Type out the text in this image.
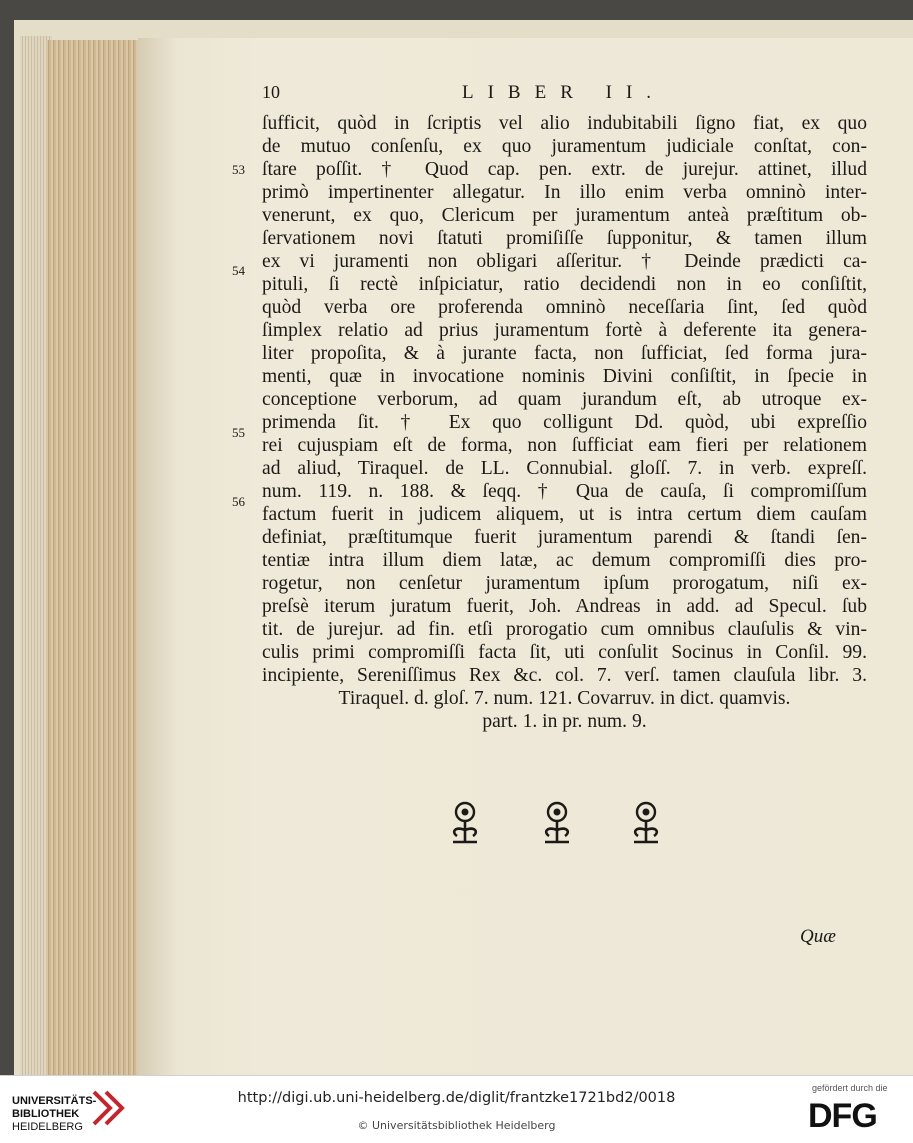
10	LIBER II.
ſufficit, quòd in ſcriptis vel alio indubitabili ſigno fiat, ex quo
de mutuo conſenſu, ex quo juramentum judiciale conſtat, con-
ſtare poſſit. † Quod cap. pen. extr. de jurejur. attinet, illud
primò impertinenter allegatur. In illo enim verba omninò inter-
venerunt, ex quo, Clericum per juramentum anteà præſtitum ob-
ſervationem novi ſtatuti promiſiſſe ſupponitur, & tamen illum
ex vi juramenti non obligari aſſeritur. † Deinde prædicti ca-
pituli, ſi rectè inſpiciatur, ratio decidendi non in eo conſiſtit,
quòd verba ore proferenda omninò neceſſaria ſint, ſed quòd
ſimplex relatio ad prius juramentum fortè à deferente ita genera-
liter propoſita, & à jurante facta, non ſufficiat, ſed forma jura-
menti, quæ in invocatione nominis Divini conſiſtit, in ſpecie in
conceptione verborum, ad quam jurandum eſt, ab utroque ex-
primenda ſit. † Ex quo colligunt Dd. quòd, ubi expreſſio
rei cujuspiam eſt de forma, non ſufficiat eam fieri per relationem
ad aliud, Tiraquel. de LL. Connubial. gloſſ. 7. in verb. expreſſ.
num. 119. n. 188. & ſeqq. † Qua de cauſa, ſi compromiſſum
factum fuerit in judicem aliquem, ut is intra certum diem cauſam
definiat, præſtitumque fuerit juramentum parendi & ſtandi ſen-
tentiæ intra illum diem latæ, ac demum compromiſſi dies pro-
rogetur, non cenſetur juramentum ipſum prorogatum, niſi ex-
preſsè iterum juratum fuerit, Joh. Andreas in add. ad Specul. ſub
tit. de jurejur. ad fin. etſi prorogatio cum omnibus clauſulis & vin-
culis primi compromiſſi facta ſit, uti conſulit Socinus in Conſil. 99.
incipiente, Sereniſſimus Rex &c. col. 7. verſ. tamen clauſula libr. 3.
Tiraquel. d. gloſ. 7. num. 121. Covarruv. in dict. quamvis.
part. 1. in pr. num. 9.
53
54
55
56
Quæ
UNIVERSITÄTS-
BIBLIOTHEK
HEIDELBERG
http://digi.ub.uni-heidelberg.de/diglit/frantzke1721bd2/0018
© Universitätsbibliothek Heidelberg
gefördert durch die
DFG
